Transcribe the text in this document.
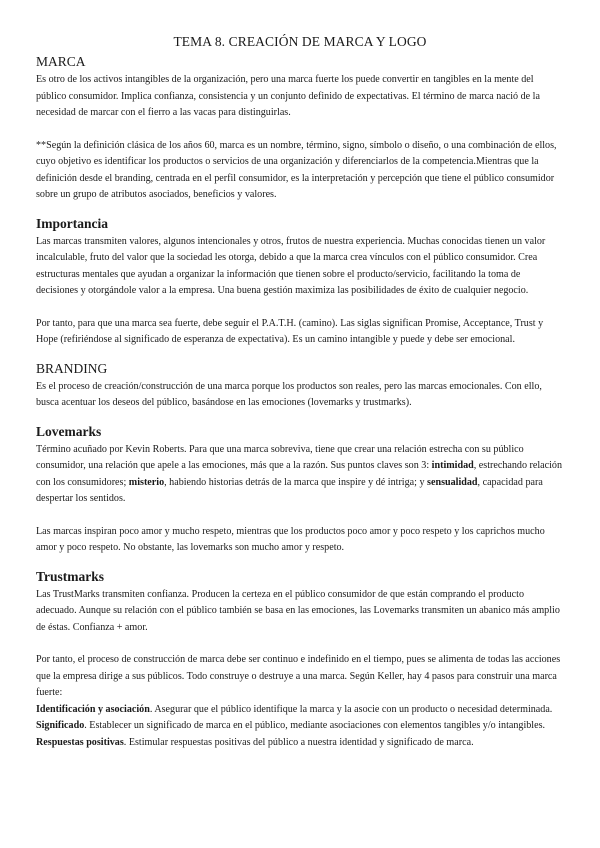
TEMA 8. CREACIÓN DE MARCA Y LOGO
MARCA

Es otro de los activos intangibles de la organización, pero una marca fuerte los puede convertir en tangibles en la mente del público consumidor. Implica confianza, consistencia y un conjunto definido de expectativas. El término de marca nació de la necesidad de marcar con el fierro a las vacas para distinguirlas.

**Según la definición clásica de los años 60, marca es un nombre, término, signo, símbolo o diseño, o una combinación de ellos, cuyo objetivo es identificar los productos o servicios de una organización y diferenciarlos de la competencia.Mientras que la definición desde el branding, centrada en el perfil consumidor, es la interpretación y percepción que tiene el público consumidor sobre un grupo de atributos asociados, beneficios y valores.

Importancia

Las marcas transmiten valores, algunos intencionales y otros, frutos de nuestra experiencia. Muchas conocidas tienen un valor incalculable, fruto del valor que la sociedad les otorga, debido a que la marca crea vínculos con el público consumidor. Crea estructuras mentales que ayudan a organizar la información que tienen sobre el producto/servicio, facilitando la toma de decisiones y otorgándole valor a la empresa. Una buena gestión maximiza las posibilidades de éxito de cualquier negocio.

Por tanto, para que una marca sea fuerte, debe seguir el P.A.T.H. (camino). Las siglas significan Promise, Acceptance, Trust y Hope (refiriéndose al significado de esperanza de expectativa). Es un camino intangible y puede y debe ser emocional.

BRANDING

Es el proceso de creación/construcción de una marca porque los productos son reales, pero las marcas emocionales. Con ello, busca acentuar los deseos del público, basándose en las emociones (lovemarks y trustmarks).

Lovemarks

Término acuñado por Kevin Roberts. Para que una marca sobreviva, tiene que crear una relación estrecha con su público consumidor, una relación que apele a las emociones, más que a la razón. Sus puntos claves son 3: intimidad, estrechando relación con los consumidores; misterio, habiendo historias detrás de la marca que inspire y dé intriga; y sensualidad, capacidad para despertar los sentidos.

Las marcas inspiran poco amor y mucho respeto, mientras que los productos poco amor y poco respeto y los caprichos mucho amor y poco respeto. No obstante, las lovemarks son mucho amor y respeto.

Trustmarks

Las TrustMarks transmiten confianza. Producen la certeza en el público consumidor de que están comprando el producto adecuado. Aunque su relación con el público también se basa en las emociones, las Lovemarks transmiten un abanico más amplio de éstas. Confianza + amor.

Por tanto, el proceso de construcción de marca debe ser continuo e indefinido en el tiempo, pues se alimenta de todas las acciones que la empresa dirige a sus públicos. Todo construye o destruye a una marca. Según Keller, hay 4 pasos para construir una marca fuerte:

Identificación y asociación. Asegurar que el público identifique la marca y la asocie con un producto o necesidad determinada.

Significado. Establecer un significado de marca en el público, mediante asociaciones con elementos tangibles y/o intangibles.

Respuestas positivas. Estimular respuestas positivas del público a nuestra identidad y significado de marca.
